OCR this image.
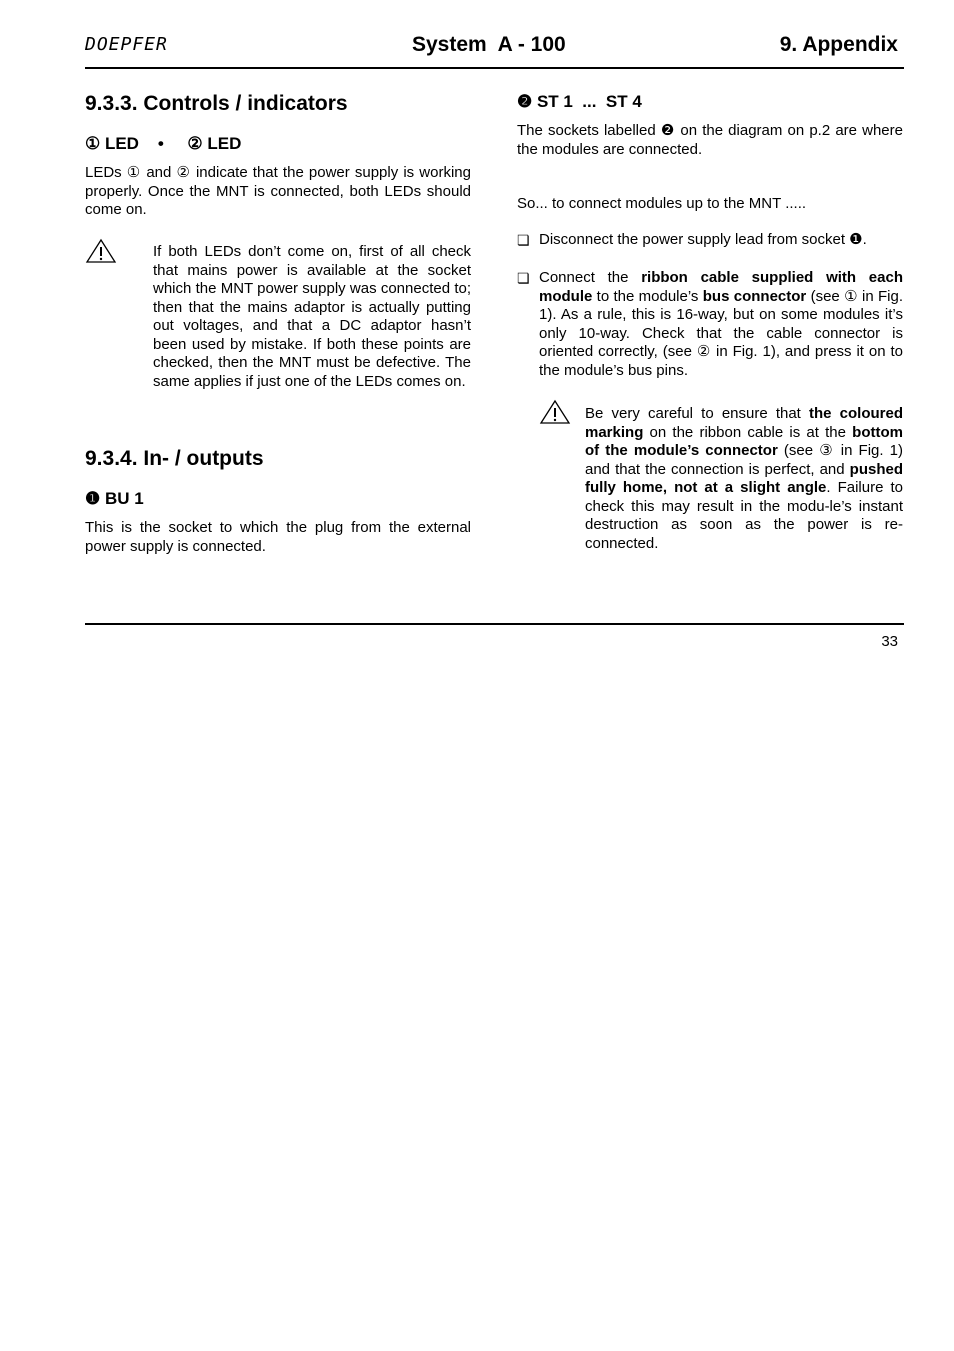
DOEPFER	System  A - 100	9. Appendix
9.3.3. Controls / indicators
① LED    •     ② LED

LEDs ① and ② indicate that the power supply is working properly. Once the MNT is connected, both LEDs should come on.

If both LEDs don’t come on, first of all check that mains power is available at the socket which the MNT power supply was connected to; then that the mains adaptor is actually putting out voltages, and that a DC adaptor hasn’t been used by mistake. If both these points are checked, then the MNT must be defective. The same applies if just one of the LEDs comes on.

9.3.4. In- / outputs
❶ BU 1

This is the socket to which the plug from the external power supply is connected.

❷ ST 1  ...  ST 4

The sockets labelled ❷ on the diagram on p.2 are where the modules are connected.

So... to connect modules up to the MNT .....

❏ Disconnect the power supply lead from socket ❶.

❏ Connect the ribbon cable supplied with each module to the module’s bus connector (see ① in Fig. 1). As a rule, this is 16-way, but on some modules it’s only 10-way. Check that the cable connector is oriented correctly, (see ② in Fig. 1), and press it on to the module’s bus pins.

Be very careful to ensure that the coloured marking on the ribbon cable is at the bottom of the module’s connector (see ③ in Fig. 1) and that the connection is perfect, and pushed fully home, not at a slight angle. Failure to check this may result in the modu-le’s instant destruction as soon as the power is re-connected.

33
